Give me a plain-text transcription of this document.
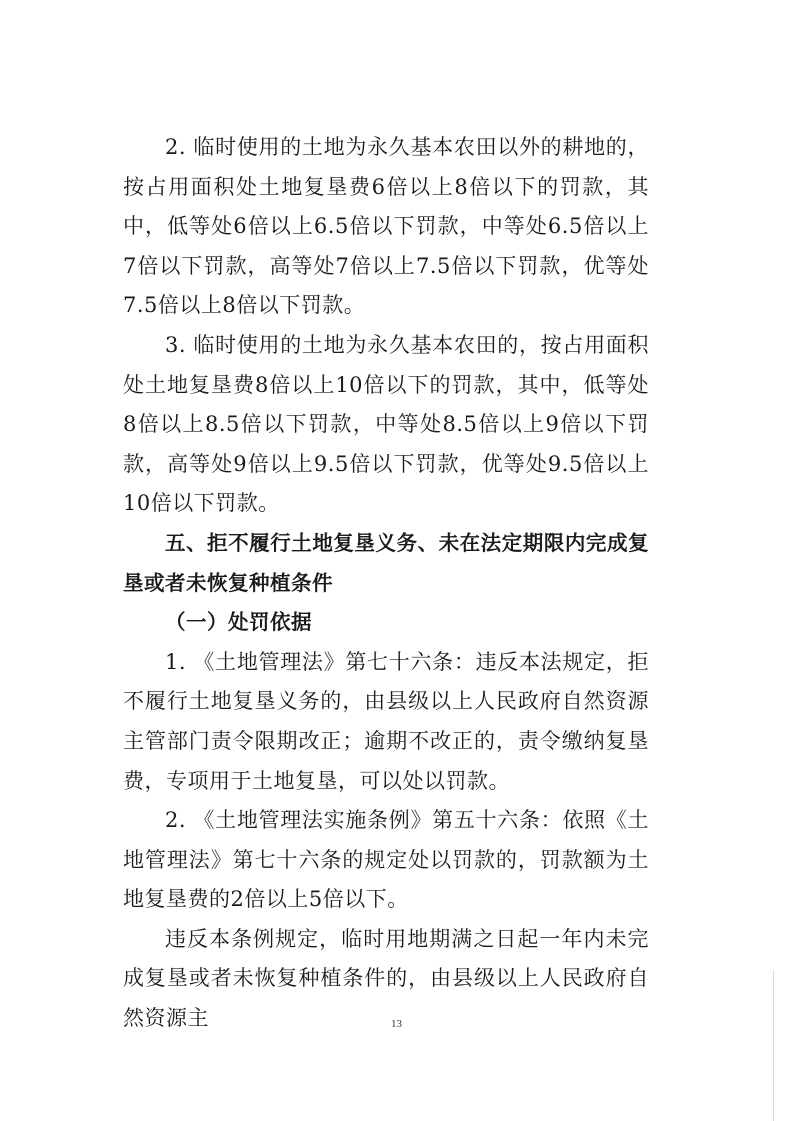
2. 临时使用的土地为永久基本农田以外的耕地的，按占用面积处土地复垦费6倍以上8倍以下的罚款，其中，低等处6倍以上6.5倍以下罚款，中等处6.5倍以上7倍以下罚款，高等处7倍以上7.5倍以下罚款，优等处7.5倍以上8倍以下罚款。

3. 临时使用的土地为永久基本农田的，按占用面积处土地复垦费8倍以上10倍以下的罚款，其中，低等处8倍以上8.5倍以下罚款，中等处8.5倍以上9倍以下罚款，高等处9倍以上9.5倍以下罚款，优等处9.5倍以上10倍以下罚款。

五、拒不履行土地复垦义务、未在法定期限内完成复垦或者未恢复种植条件

（一）处罚依据

1. 《土地管理法》第七十六条：违反本法规定，拒不履行土地复垦义务的，由县级以上人民政府自然资源主管部门责令限期改正；逾期不改正的，责令缴纳复垦费，专项用于土地复垦，可以处以罚款。

2. 《土地管理法实施条例》第五十六条：依照《土地管理法》第七十六条的规定处以罚款的，罚款额为土地复垦费的2倍以上5倍以下。

违反本条例规定，临时用地期满之日起一年内未完成复垦或者未恢复种植条件的，由县级以上人民政府自然资源主	13
